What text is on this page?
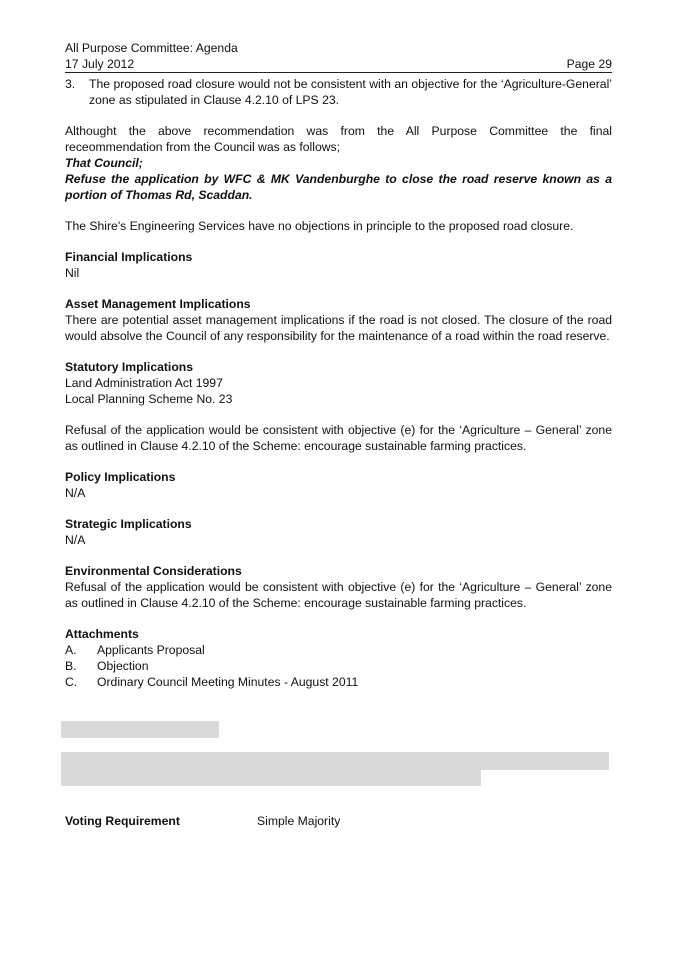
All Purpose Committee: Agenda
17 July 2012	Page 29
3.	The proposed road closure would not be consistent with an objective for the ‘Agriculture-General’ zone as stipulated in Clause 4.2.10 of LPS 23.

Althought the above recommendation was from the All Purpose Committee the final receommendation from the Council was as follows;

That Council;

Refuse the application by WFC & MK Vandenburghe to close the road reserve known as a portion of Thomas Rd, Scaddan.

The Shire's Engineering Services have no objections in principle to the proposed road closure.

Financial Implications

Nil

Asset Management Implications

There are potential asset management implications if the road is not closed. The closure of the road would absolve the Council of any responsibility for the maintenance of a road within the road reserve.

Statutory Implications

Land Administration Act 1997

Local Planning Scheme No. 23

Refusal of the application would be consistent with objective (e) for the ‘Agriculture – General’ zone as outlined in Clause 4.2.10 of the Scheme: encourage sustainable farming practices.

Policy Implications

N/A

Strategic Implications

N/A

Environmental Considerations

Refusal of the application would be consistent with objective (e) for the ‘Agriculture – General’ zone as outlined in Clause 4.2.10 of the Scheme: encourage sustainable farming practices.

Attachments

A.	Applicants Proposal
B.	Objection
C.	Ordinary Council Meeting Minutes - August 2011
Voting Requirement	Simple Majority
